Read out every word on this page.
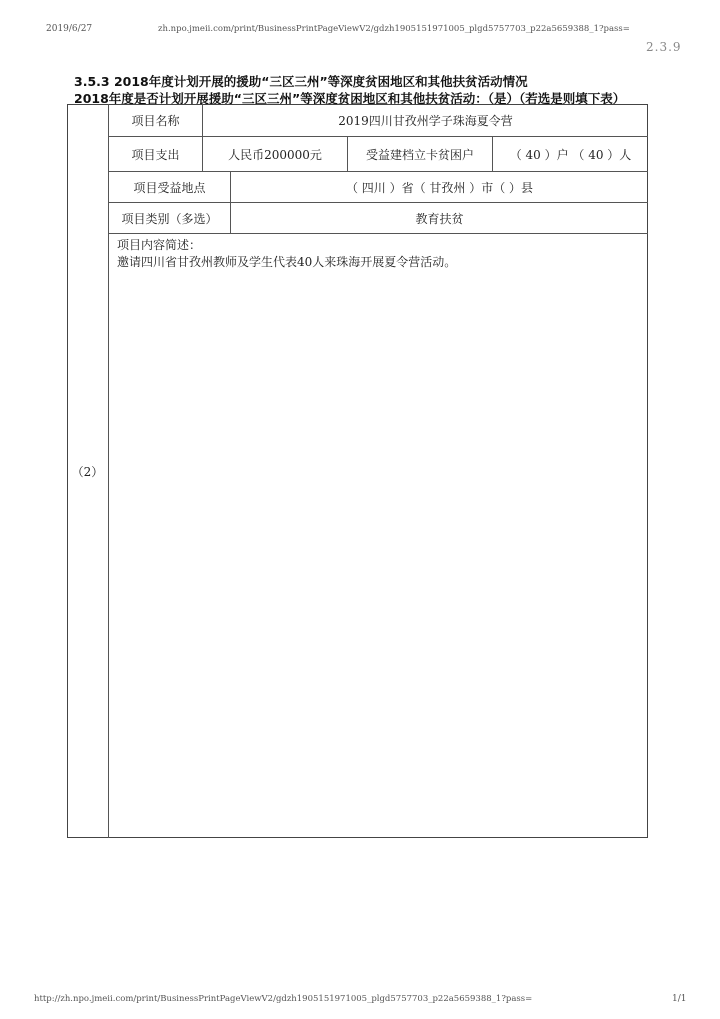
2019/6/27	zh.npo.jmeii.com/print/BusinessPrintPageViewV2/gdzh1905151971005_plgd5757703_p22a5659388_1?pass=
2.3.9
3.5.3 2018年度计划开展的援助“三区三州”等深度贫困地区和其他扶贫活动情况
2018年度是否计划开展援助“三区三州”等深度贫困地区和其他扶贫活动：（是）（若选是则填下表）
（2）
项目名称	2019四川甘孜州学子珠海夏令营
项目支出	人民币200000元	受益建档立卡贫困户	（ 40 ）户 （ 40 ）人
项目受益地点	（ 四川 ）省（ 甘孜州 ）市（ ）县
项目类别（多选）	教育扶贫
项目内容简述：
邀请四川省甘孜州教师及学生代表40人来珠海开展夏令营活动。
http://zh.npo.jmeii.com/print/BusinessPrintPageViewV2/gdzh1905151971005_plgd5757703_p22a5659388_1?pass=	1/1
